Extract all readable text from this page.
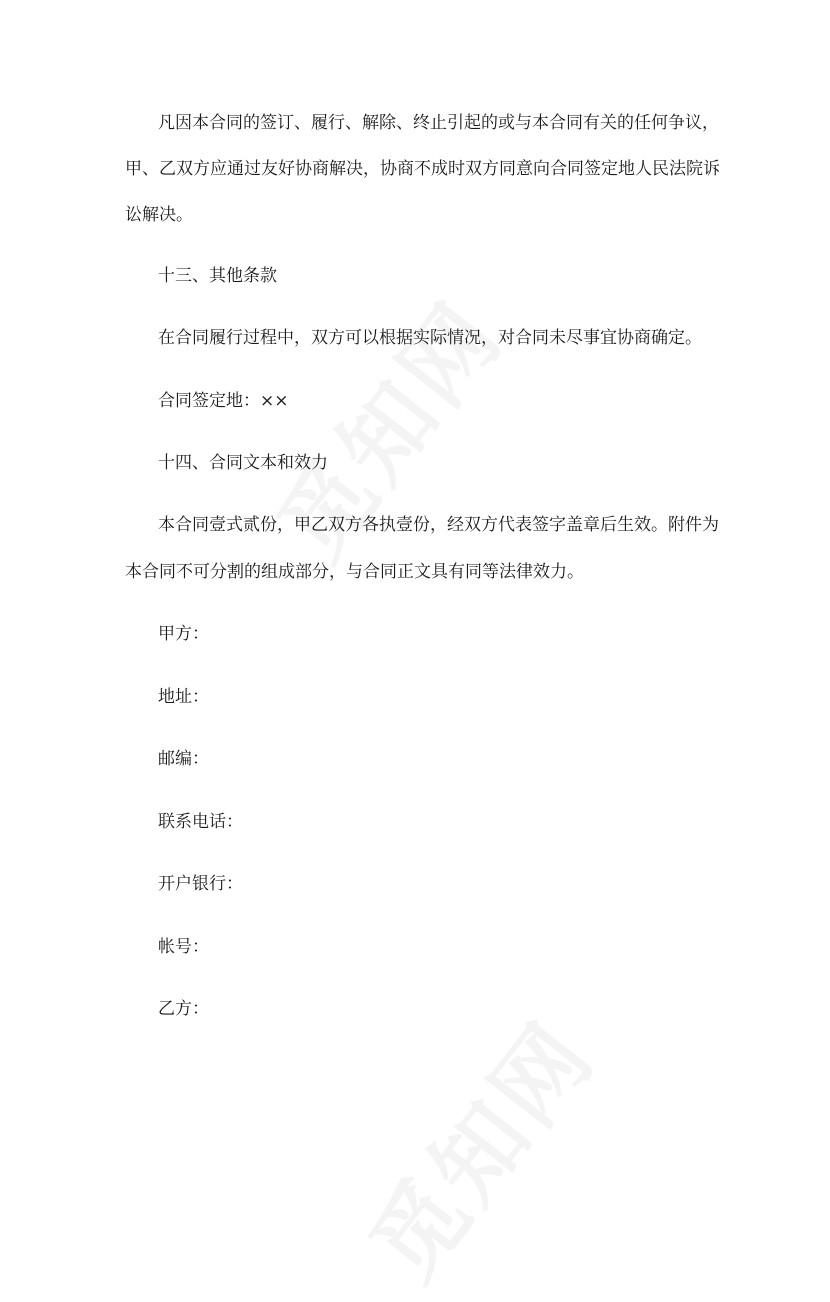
凡因本合同的签订、履行、解除、终止引起的或与本合同有关的任何争议，
甲、乙双方应通过友好协商解决，协商不成时双方同意向合同签定地人民法院诉
讼解决。
十三、其他条款
在合同履行过程中，双方可以根据实际情况，对合同未尽事宜协商确定。
合同签定地：××
十四、合同文本和效力
本合同壹式贰份，甲乙双方各执壹份，经双方代表签字盖章后生效。附件为
本合同不可分割的组成部分，与合同正文具有同等法律效力。
甲方：
地址：
邮编：
联系电话：
开户银行：
帐号：
乙方：
